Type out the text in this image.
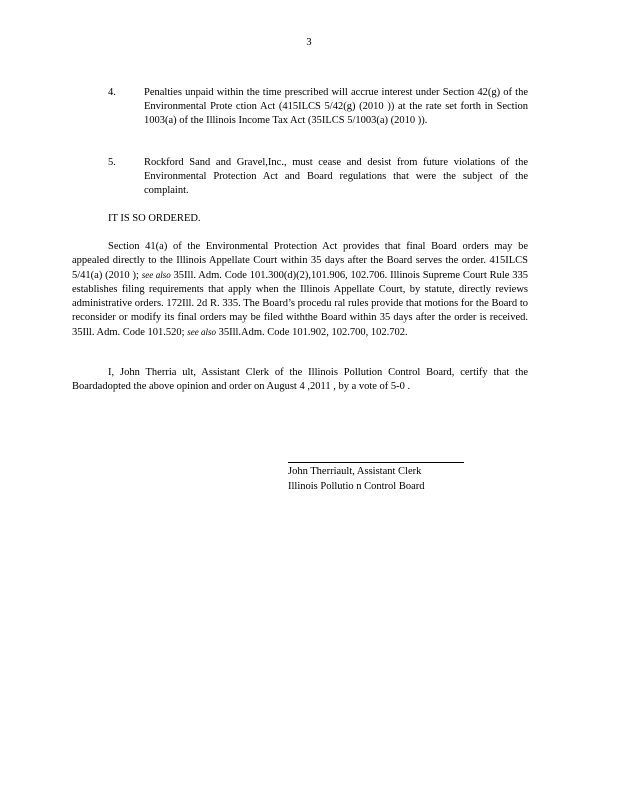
3
4.	Penalties unpaid within the time prescribed will accrue interest under Section 42(g) of the Environmental Prote ction Act (415ILCS 5/42(g) (2010 )) at the rate set forth in Section 1003(a) of the Illinois Income Tax Act (35ILCS 5/1003(a) (2010 )).
5.	Rockford Sand and Gravel,Inc., must cease and desist from future violations of the Environmental Protection Act and Board regulations that were the subject of the complaint.
IT IS SO ORDERED.
Section 41(a) of the Environmental Protection Act provides that final Board orders may be appealed directly to the Illinois Appellate Court within 35 days after the Board serves the order. 415ILCS 5/41(a) (2010 ); see also 35Ill. Adm. Code 101.300(d)(2),101.906, 102.706. Illinois Supreme Court Rule 335 establishes filing requirements that apply when the Illinois Appellate Court, by statute, directly reviews administrative orders. 172Ill. 2d R. 335. The Board’s procedu ral rules provide that motions for the Board to reconsider or modify its final orders may be filed withthe Board within 35 days after the order is received. 35Ill. Adm. Code 101.520; see also 35Ill.Adm. Code 101.902, 102.700, 102.702.
I, John Therria ult, Assistant Clerk of the Illinois Pollution Control Board, certify that the Boardadopted the above opinion and order on August 4 ,2011 , by a vote of 5-0 .
John Therriault, Assistant Clerk
Illinois Pollutio n Control Board
